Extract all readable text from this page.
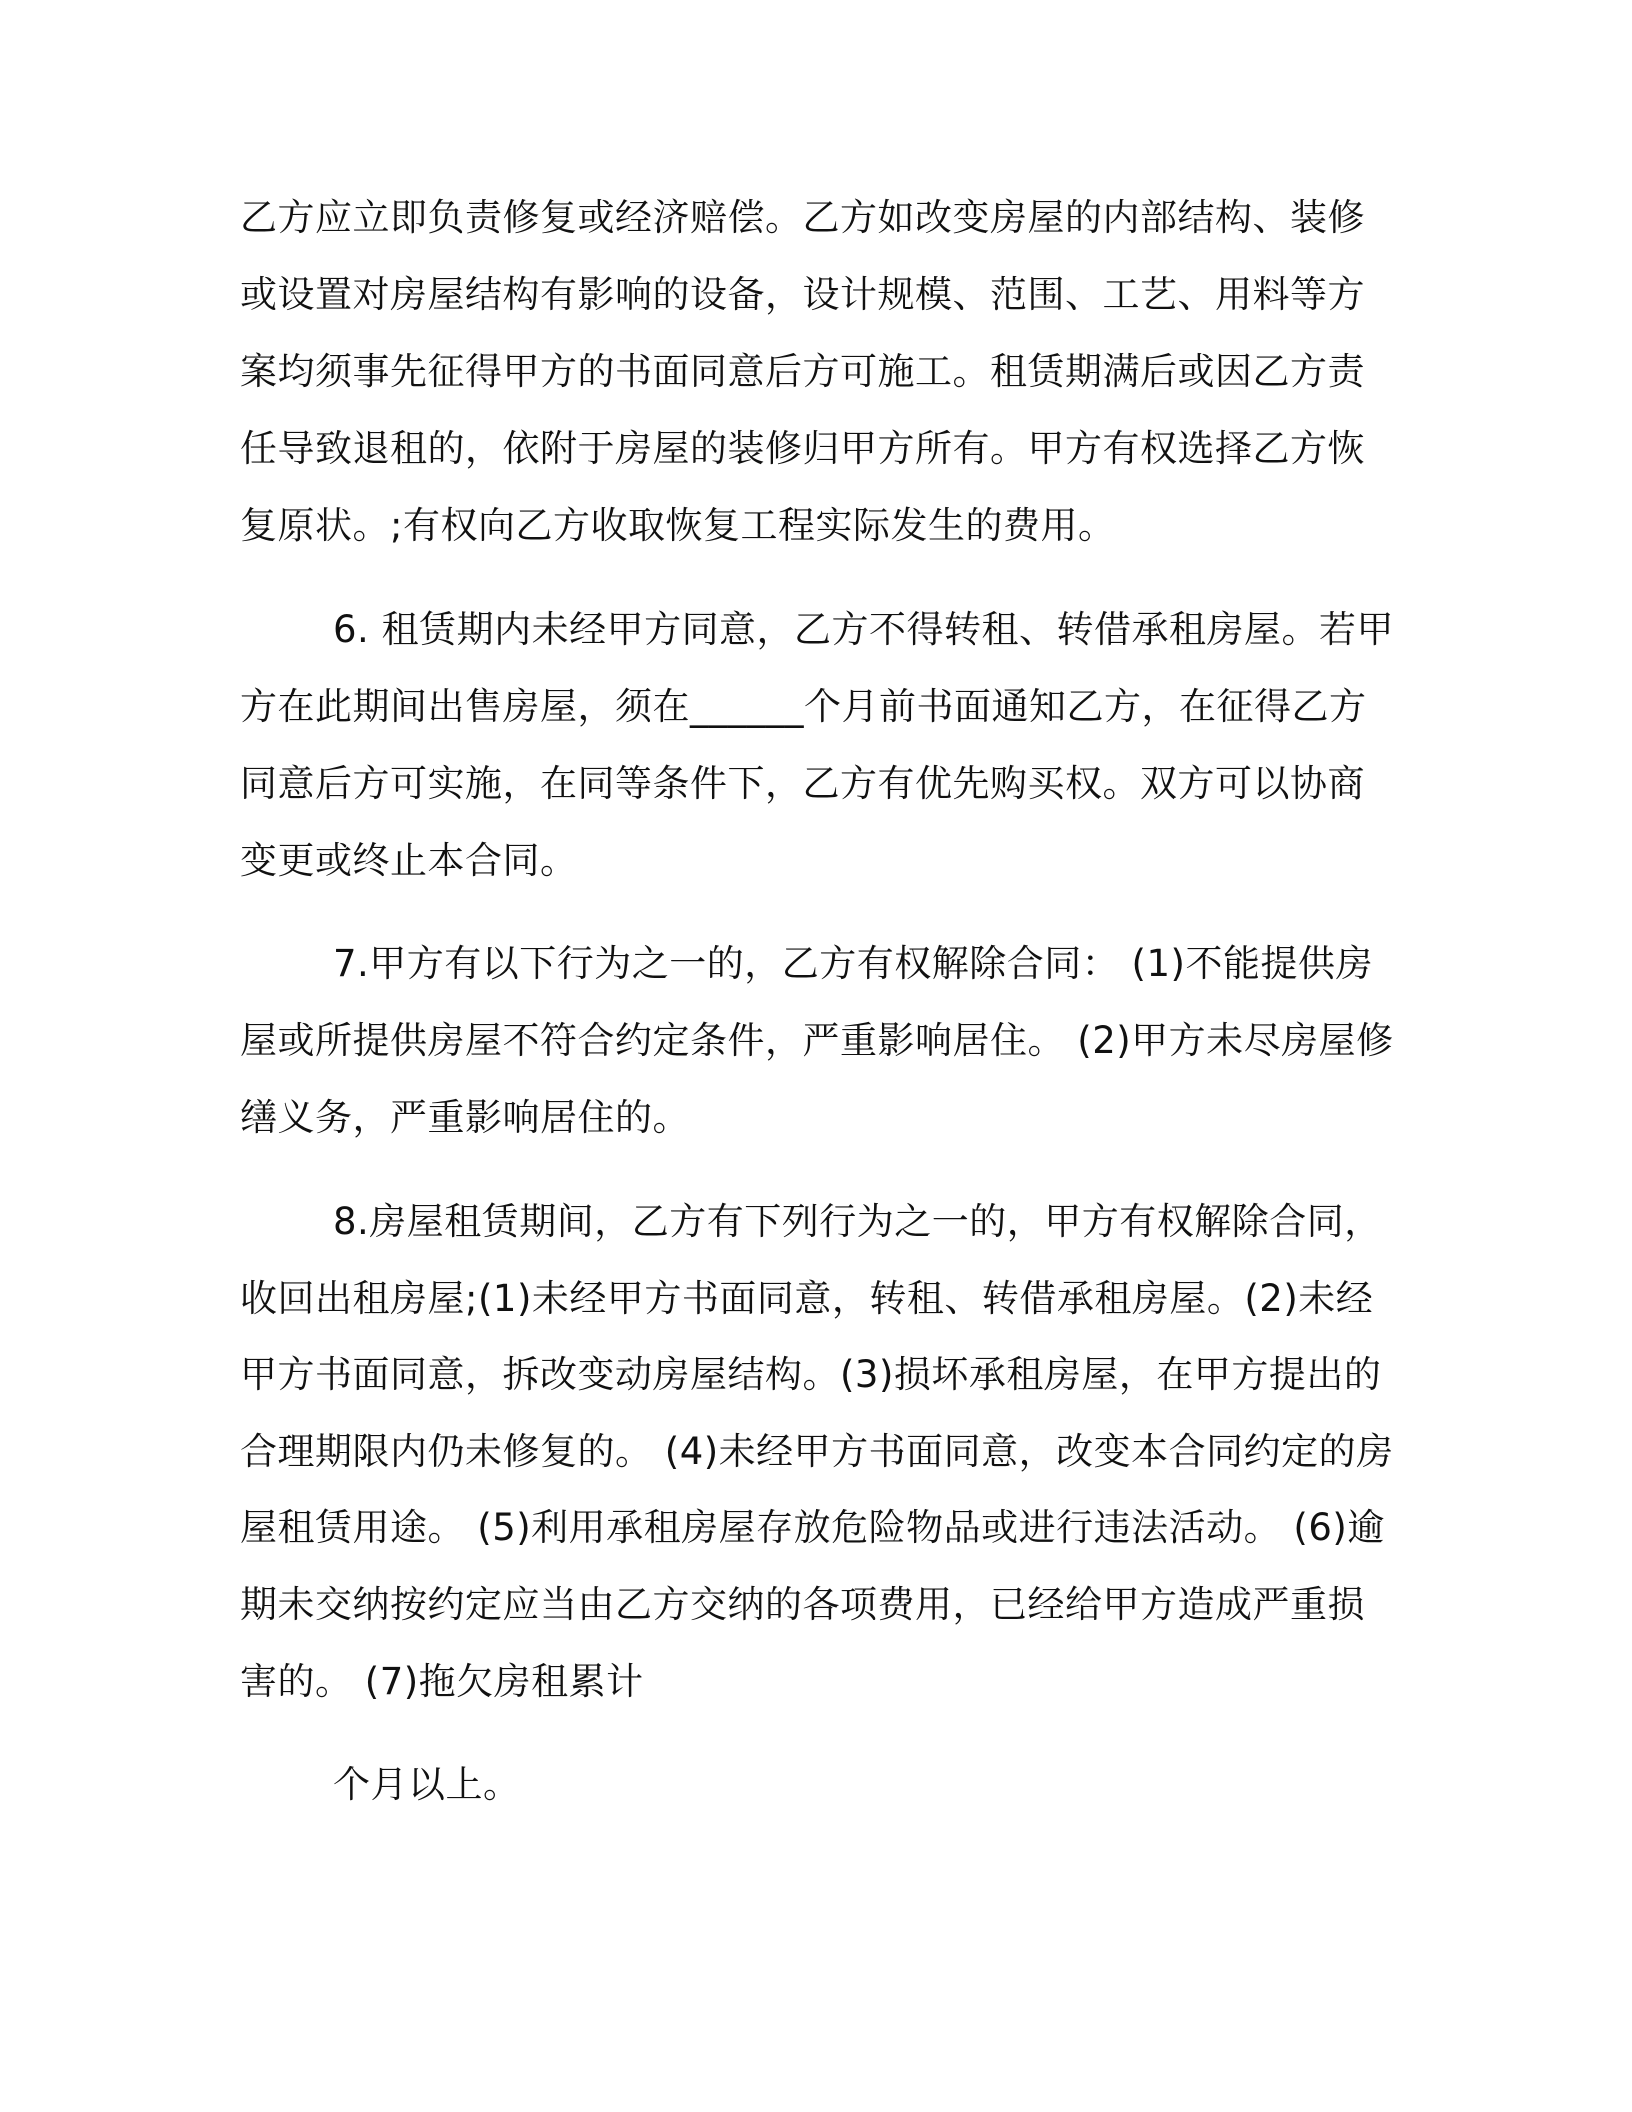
乙方应立即负责修复或经济赔偿。乙方如改变房屋的内部结构、装修
或设置对房屋结构有影响的设备，设计规模、范围、工艺、用料等方
案均须事先征得甲方的书面同意后方可施工。租赁期满后或因乙方责
任导致退租的，依附于房屋的装修归甲方所有。甲方有权选择乙方恢
复原状。;有权向乙方收取恢复工程实际发生的费用。
6. 租赁期内未经甲方同意，乙方不得转租、转借承租房屋。若甲
方在此期间出售房屋，须在______个月前书面通知乙方，在征得乙方
同意后方可实施，在同等条件下，乙方有优先购买权。双方可以协商
变更或终止本合同。
7.甲方有以下行为之一的，乙方有权解除合同： (1)不能提供房
屋或所提供房屋不符合约定条件，严重影响居住。 (2)甲方未尽房屋修
缮义务，严重影响居住的。
8.房屋租赁期间，乙方有下列行为之一的，甲方有权解除合同，
收回出租房屋;(1)未经甲方书面同意，转租、转借承租房屋。(2)未经
甲方书面同意，拆改变动房屋结构。(3)损坏承租房屋，在甲方提出的
合理期限内仍未修复的。 (4)未经甲方书面同意，改变本合同约定的房
屋租赁用途。 (5)利用承租房屋存放危险物品或进行违法活动。 (6)逾
期未交纳按约定应当由乙方交纳的各项费用，已经给甲方造成严重损
害的。 (7)拖欠房租累计
个月以上。
